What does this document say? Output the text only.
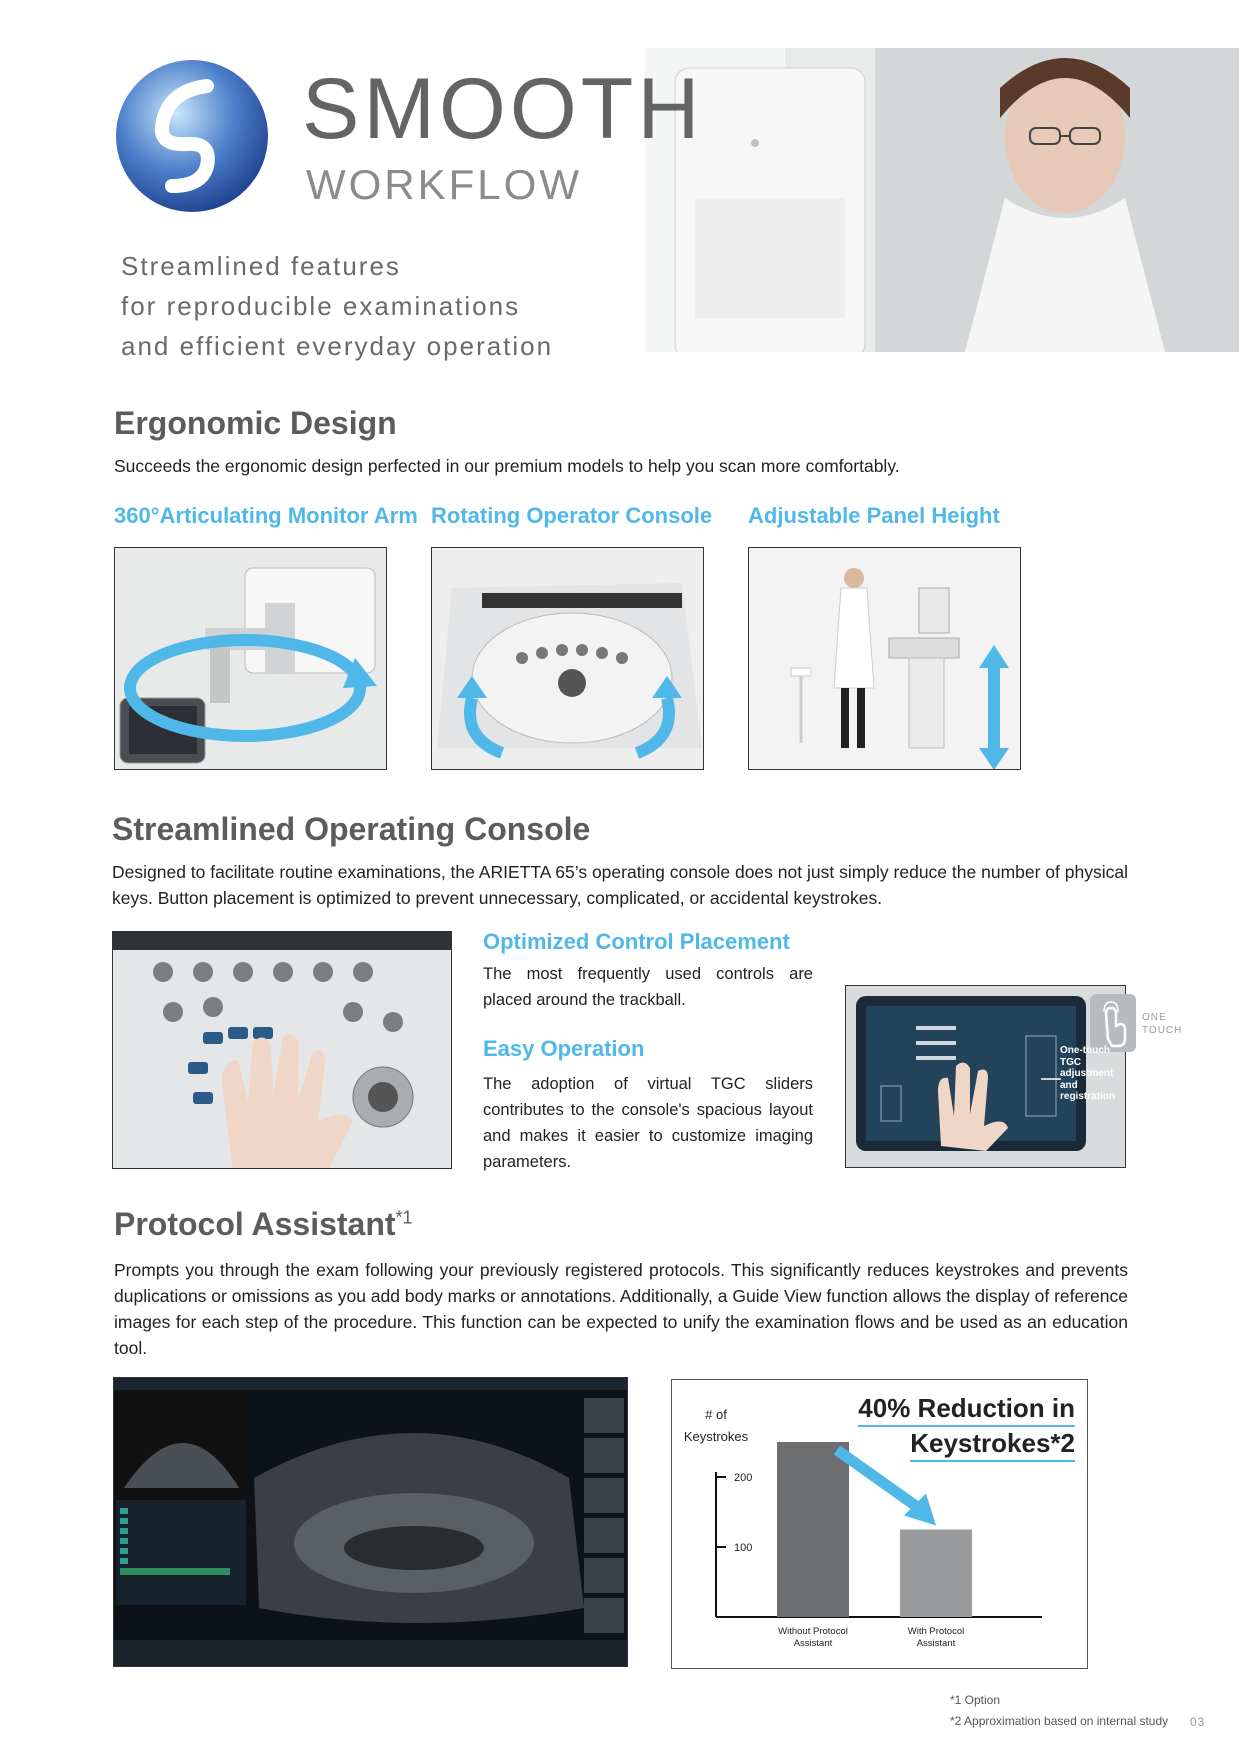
SMOOTH
WORKFLOW
Streamlined features
for reproducible examinations
and efficient everyday operation
Ergonomic Design
Succeeds the ergonomic design perfected in our premium models to help you scan more comfortably.
360°Articulating Monitor Arm Rotating Operator Console Adjustable Panel Height
Streamlined Operating Console
Designed to facilitate routine examinations, the ARIETTA 65’s operating console does not just simply reduce the number of physical keys. Button placement is optimized to prevent unnecessary, complicated, or accidental keystrokes.
Optimized Control Placement
The most frequently used controls are placed around the trackball.
Easy Operation
The adoption of virtual TGC sliders contributes to the console's spacious layout and makes it easier to customize imaging parameters.
ONE TOUCH
One-touch TGC adjustment and registration
Protocol Assistant$^{*1}$
Prompts you through the exam following your previously registered protocols. This significantly reduces keystrokes and prevents duplications or omissions as you add body marks or annotations. Additionally, a Guide View function allows the display of reference images for each step of the procedure. This function can be expected to unify the examination flows and be used as an education tool.
40% Reduction in
Keystrokes*2
# of
Keystrokes
100
200
Without Protocol
Assistant
With Protocol
Assistant
*1 Option
*2 Approximation based on internal study 03
